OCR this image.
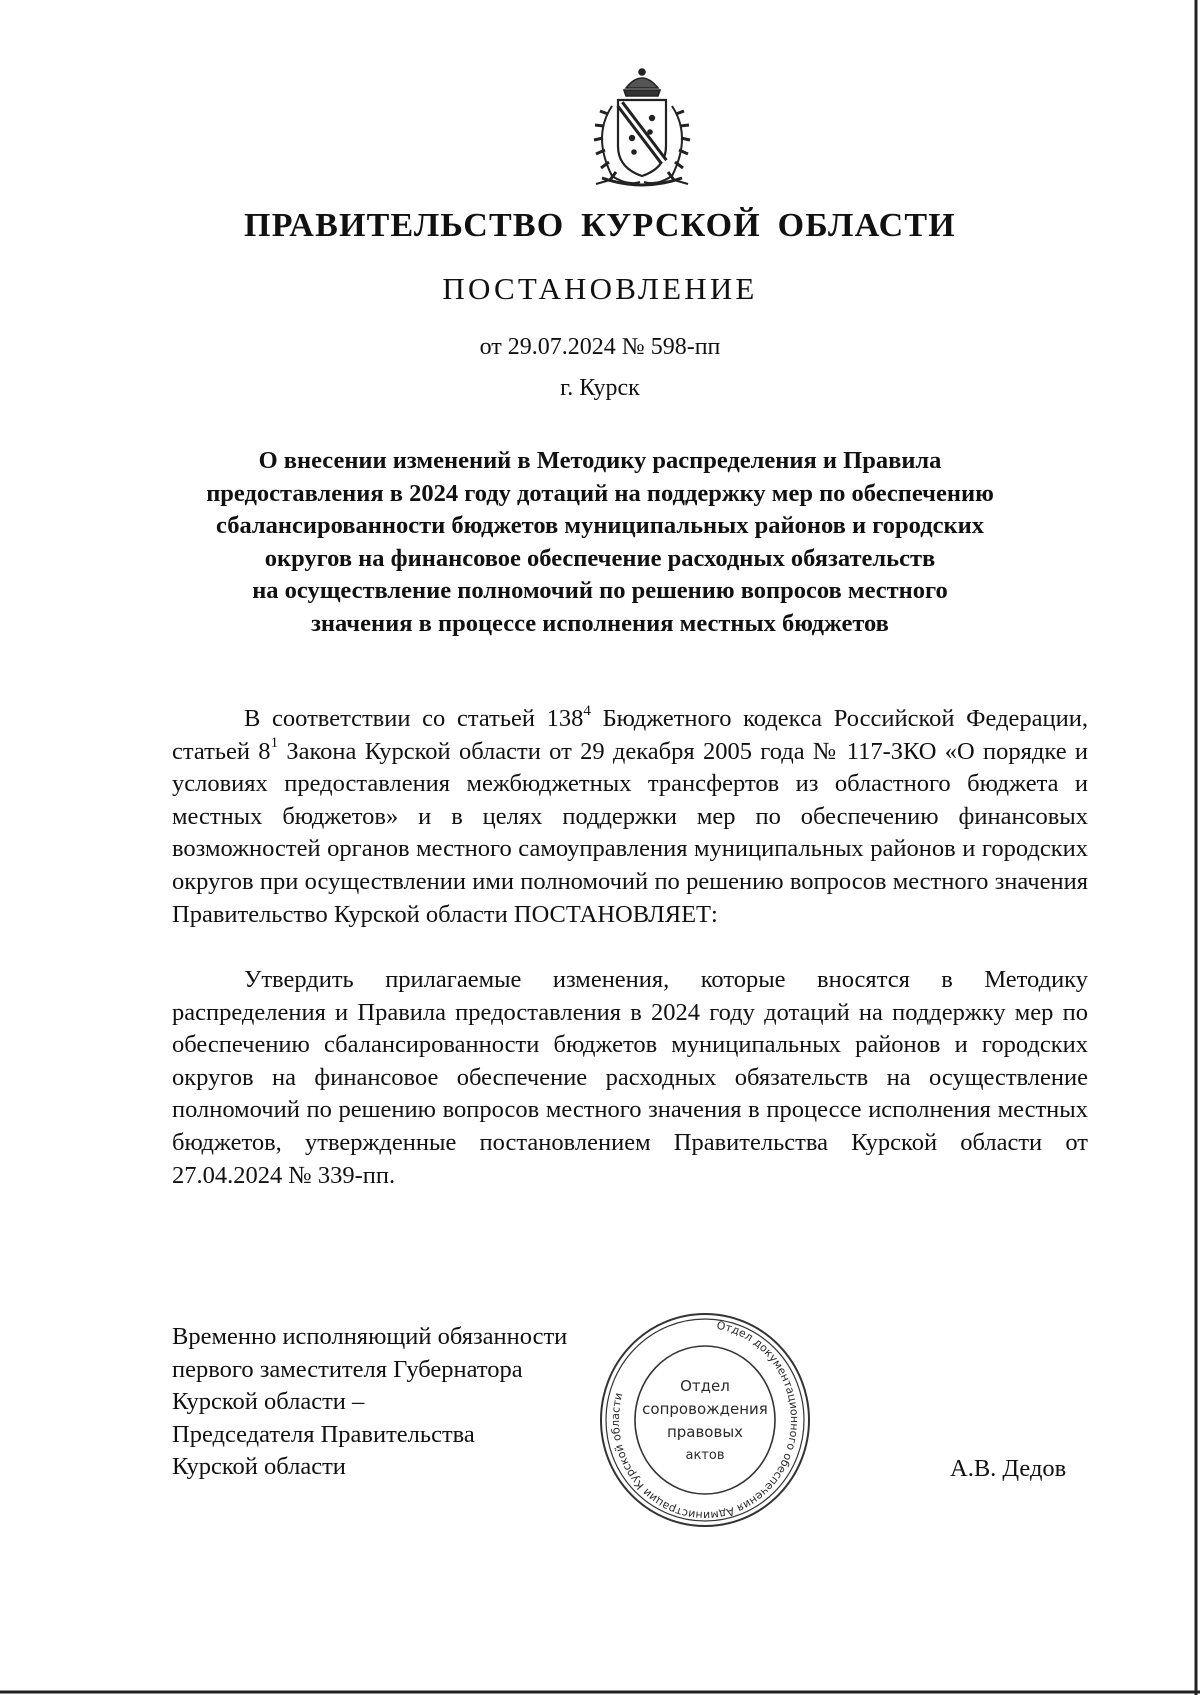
ПРАВИТЕЛЬСТВО КУРСКОЙ ОБЛАСТИ
ПОСТАНОВЛЕНИЕ
от 29.07.2024 № 598-пп
г. Курск
О внесении изменений в Методику распределения и Правила
предоставления в 2024 году дотаций на поддержку мер по обеспечению
сбалансированности бюджетов муниципальных районов и городских
округов на финансовое обеспечение расходных обязательств
на осуществление полномочий по решению вопросов местного
значения в процессе исполнения местных бюджетов
В соответствии со статьей $138^4$ Бюджетного кодекса Российской Федерации, статьей $8^1$ Закона Курской области от 29 декабря 2005 года № 117-ЗКО «О порядке и условиях предоставления межбюджетных трансфертов из областного бюджета и местных бюджетов» и в целях поддержки мер по обеспечению финансовых возможностей органов местного самоуправления муниципальных районов и городских округов при осуществлении ими полномочий по решению вопросов местного значения Правительство Курской области ПОСТАНОВЛЯЕТ:
Утвердить прилагаемые изменения, которые вносятся в Методику распределения и Правила предоставления в 2024 году дотаций на поддержку мер по обеспечению сбалансированности бюджетов муниципальных районов и городских округов на финансовое обеспечение расходных обязательств на осуществление полномочий по решению вопросов местного значения в процессе исполнения местных бюджетов, утвержденные постановлением Правительства Курской области от 27.04.2024 № 339-пп.
Временно исполняющий обязанности
первого заместителя Губернатора
Курской области –
Председателя Правительства
Курской области	А.В. Дедов
Отдел документационного обеспечения Администрации Курской области
Отдел
сопровождения
правовых
актов
